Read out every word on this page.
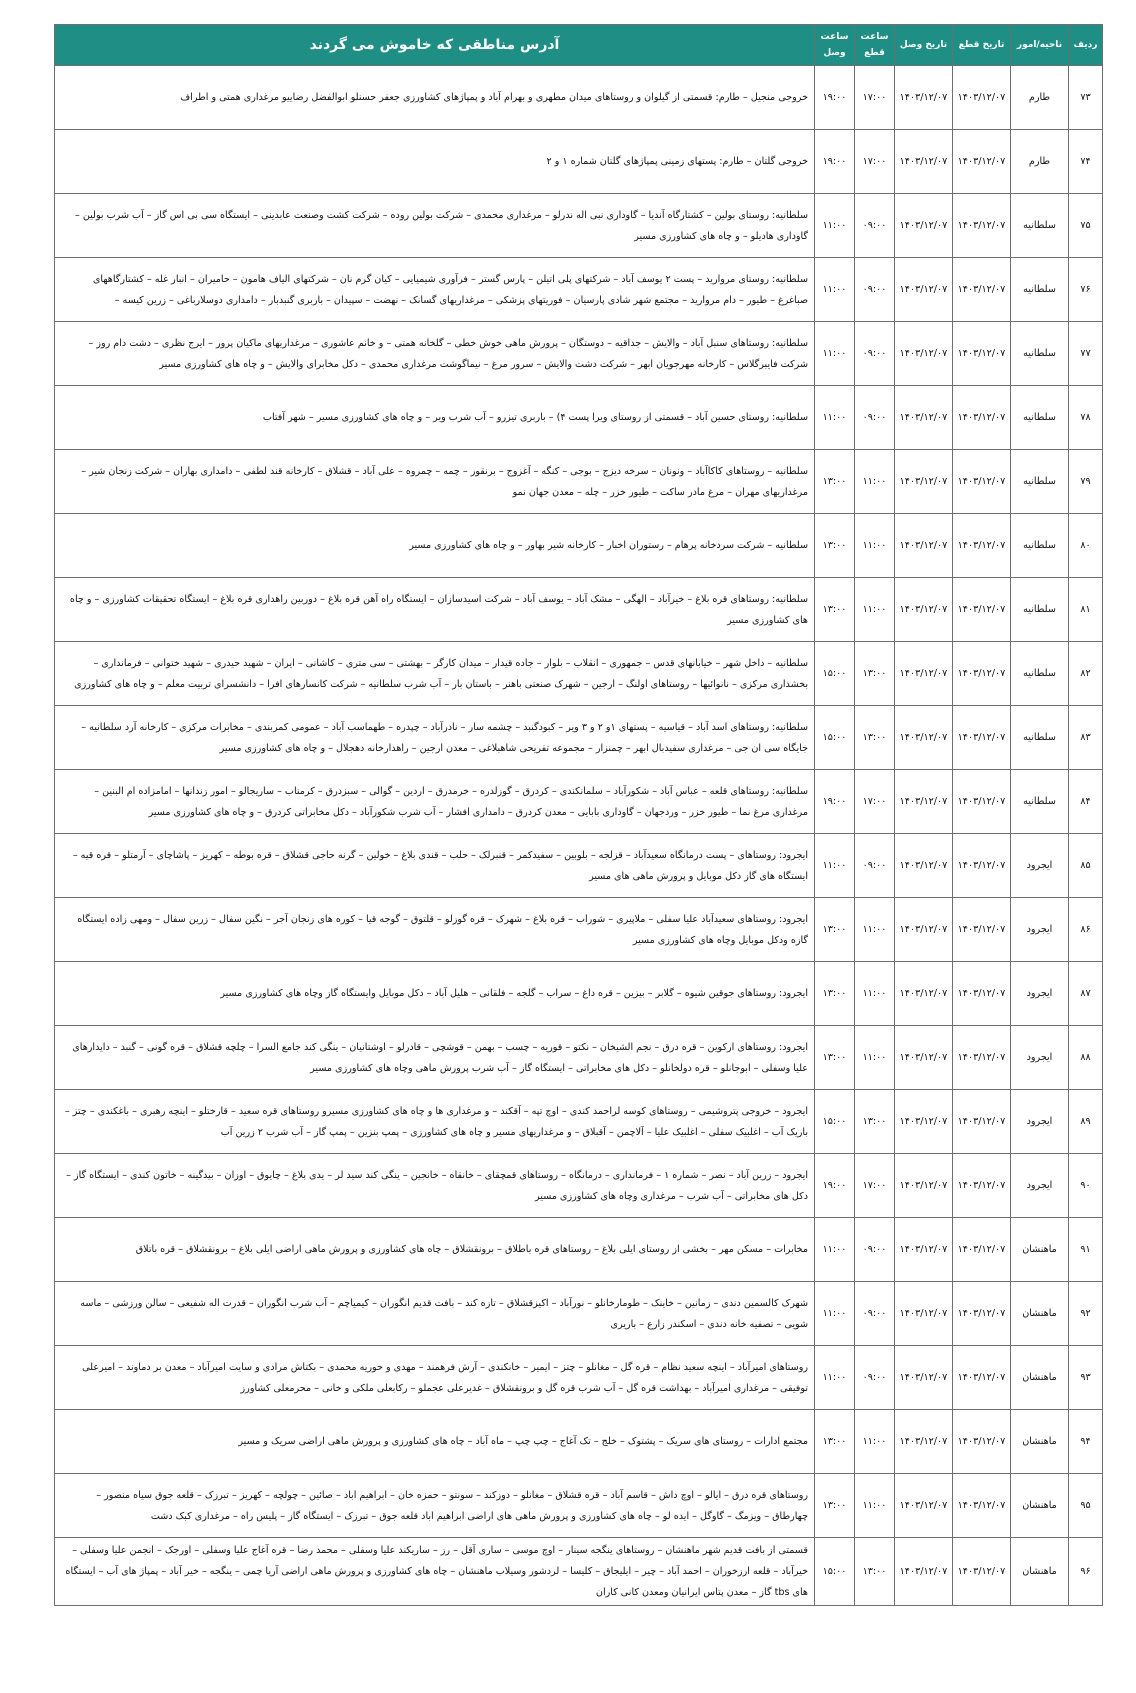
ردیف	ناحیه/امور	تاریخ قطع	تاریخ وصل	ساعت قطع	ساعت وصل	آدرس مناطقی که خاموش می گردند
۷۳	طارم	۱۴۰۳/۱۲/۰۷	۱۴۰۳/۱۲/۰۷	۱۷:۰۰	۱۹:۰۰	خروجی منجیل – طارم: قسمتی از گیلوان و روستاهای میدان مطهری و بهرام آباد و پمپاژهای کشاورزی جعفر حسنلو ابوالفضل رضاییو مرغداری همتی و اطراف
۷۴	طارم	۱۴۰۳/۱۲/۰۷	۱۴۰۳/۱۲/۰۷	۱۷:۰۰	۱۹:۰۰	خروجی گلتان – طارم: پستهای زمینی پمپاژهای گلتان شماره ۱ و ۲
۷۵	سلطانیه	۱۴۰۳/۱۲/۰۷	۱۴۰۳/۱۲/۰۷	۰۹:۰۰	۱۱:۰۰	سلطانیه: روستای بولین – کشتارگاه آندیا – گاوداری نبی اله ندرلو – مرغداری محمدی – شرکت بولین روده – شرکت کشت وصنعت عابدینی – ایستگاه سی بی اس گاز – آب شرب بولین – گاوداری هادیلو – و چاه های کشاورزی مسیر
۷۶	سلطانیه	۱۴۰۳/۱۲/۰۷	۱۴۰۳/۱۲/۰۷	۰۹:۰۰	۱۱:۰۰	سلطانیه: روستای مروارید – پست ۲ یوسف آباد – شرکتهای پلی اتیلن – پارس گستر – فرآوری شیمیایی – کیان گرم نان – شرکتهای الیاف هامون – حامیران – انبار غله – کشتارگاههای صباغرغ – طیور – دام مروارید – مجتمع شهر شادی پارسیان – فوریتهای پزشکی – مرغداریهای گسانک – نهضت – سپیدان – باربری گنبدبار – دامداری دوسلارباغی – زرین کیسه –
۷۷	سلطانیه	۱۴۰۳/۱۲/۰۷	۱۴۰۳/۱۲/۰۷	۰۹:۰۰	۱۱:۰۰	سلطانیه: روستاهای سنبل آباد – والایش – جداقیه – دوستگان – پرورش ماهی خوش خطی – گلخانه همتی – و خانم عاشوری – مرغداریهای ماکیان پرور – ایرج نظری – دشت دام روز – شرکت فایبرگلاس – کارخانه مهرجویان ابهر – شرکت دشت والایش – سرور مرغ – نیماگوشت مرغداری محمدی – دکل مخابرای والایش – و چاه های کشاورزی مسیر
۷۸	سلطانیه	۱۴۰۳/۱۲/۰۷	۱۴۰۳/۱۲/۰۷	۰۹:۰۰	۱۱:۰۰	سلطانیه: روستای حسین آباد – قسمتی از روستای ویرا پست ۴) – باربری تیزرو – آب شرب ویر – و چاه های کشاورزی مسیر – شهر آفتاب
۷۹	سلطانیه	۱۴۰۳/۱۲/۰۷	۱۴۰۳/۱۲/۰۷	۱۱:۰۰	۱۳:۰۰	سلطانیه – روستاهای کاکاآباد – ونونان – سرخه دیزج – بوجی – کنگه – آغزوج – برنقور – چمه – چمروه – علی آباد – قشلاق – کارخانه قند لطفی – دامداری بهاران – شرکت زنجان شیر – مرغداریهای مهران – مرغ مادر ساکت – طیور خزر – چله – معدن جهان نمو
۸۰	سلطانیه	۱۴۰۳/۱۲/۰۷	۱۴۰۳/۱۲/۰۷	۱۱:۰۰	۱۳:۰۰	سلطانیه – شرکت سردخانه پرهام – رستوران اخبار – کارخانه شیر بهاور – و چاه های کشاورزی مسیر
۸۱	سلطانیه	۱۴۰۳/۱۲/۰۷	۱۴۰۳/۱۲/۰۷	۱۱:۰۰	۱۳:۰۰	سلطانیه: روستاهای قره بلاغ – خیرآباد – الهگی – مشک آباد – یوسف آباد – شرکت اسیدسازان – ایستگاه راه آهن قره بلاغ – دوربین راهداری قره بلاغ – ایستگاه تحقیقات کشاورزی – و چاه های کشاورزی مسیر
۸۲	سلطانیه	۱۴۰۳/۱۲/۰۷	۱۴۰۳/۱۲/۰۷	۱۳:۰۰	۱۵:۰۰	سلطانیه – داخل شهر – خیابانهای قدس – جمهوری – انقلاب – بلوار – جاده قیدار – میدان کارگر – بهشتی – سی متری – کاشانی – ایران – شهید حیدری – شهید ختوانی – فرمانداری – بخشداری مرکزی – نانوائیها – روستاهای اولنگ – ارجین – شهرک صنعتی باهنر – باستان بار – آب شرب سلطانیه – شرکت کانسارهای افرا – دانشسرای تربیت معلم – و چاه های کشاورزی
۸۳	سلطانیه	۱۴۰۳/۱۲/۰۷	۱۴۰۳/۱۲/۰۷	۱۳:۰۰	۱۵:۰۰	سلطانیه: روستاهای اسد آباد – قیاسیه – پستهای ۱و ۲ و ۳ ویر – کبودگنبد – چشمه سار – نادرآباد – چپدره – طهماسب آباد – عمومی کمربندی – مخابرات مرکزی – کارخانه آرد سلطانیه – جایگاه سی ان جی – مرغداری سفیدبال ابهر – چمنزار – مجموعه تفریحی شاهبلاغی – معدن ارجین – راهدارخانه دهجلال – و چاه های کشاورزی مسیر
۸۴	سلطانیه	۱۴۰۳/۱۲/۰۷	۱۴۰۳/۱۲/۰۷	۱۷:۰۰	۱۹:۰۰	سلطانیه: روستاهای قلعه – عباس آباد – شکورآباد – سلمانکندی – کردرق – گوزلدره – خرمدرق – اردین – گوالی – سبزدرق – کرمناب – ساریجالو – امور زندانها – امامزاده ام البنین – مرغداری مرغ نما – طیور خزر – وردجهان – گاوداری بابایی – معدن کردرق – دامداری افشار – آب شرب شکورآباد – دکل مخابراتی کردرق – و چاه های کشاورزی مسیر
۸۵	ایجرود	۱۴۰۳/۱۲/۰۷	۱۴۰۳/۱۲/۰۷	۰۹:۰۰	۱۱:۰۰	ایجرود: روستاهای – پست درمانگاه سعیدآباد – قزلجه – بلوبین – سفیدکمر – قنبرلک – حلب – قندی بلاغ – خولین – گرنه حاجی قشلاق – قره بوطه – کهریز – پاشاچای – آرمتلو – قره قیه – ایستگاه های گاز دکل موبایل و پرورش ماهی های مسیر
۸۶	ایجرود	۱۴۰۳/۱۲/۰۷	۱۴۰۳/۱۲/۰۷	۱۱:۰۰	۱۳:۰۰	ایجرود: روستاهای سعیدآباد علیا سفلی – ملاپیری – شوراب – قره بلاغ – شهرک – قره گوزلو – قلتوق – گوجه قیا – کوره های زنجان آجر – نگین سفال – زرین سفال – ومهی زاده ایستگاه گازه ودکل موبایل وچاه های کشاورزی مسیر
۸۷	ایجرود	۱۴۰۳/۱۲/۰۷	۱۴۰۳/۱۲/۰۷	۱۱:۰۰	۱۳:۰۰	ایجرود: روستاهای جوقین شیوه – گلابر – بیزین – قره داغ – سراب – گلجه – فلقانی – هلیل آباد – دکل موبایل وایستگاه گاز وچاه های کشاورزی مسیر
۸۸	ایجرود	۱۴۰۳/۱۲/۰۷	۱۴۰۳/۱۲/۰۷	۱۱:۰۰	۱۳:۰۰	ایجرود: روستاهای ارکوین – قره درق – نجم الشیخان – نکتو – قوریه – چسب – بهمن – قوشچی – قادرلو – اوشتانیان – ینگی کند جامع السرا – چلچه قشلاق – قره گونی – گنبد – دایدارهای علیا وسفلی – ابوجانلو – قره دولخانلو – دکل های مخابراتی – ایستگاه گاز – آب شرب پرورش ماهی وچاه های کشاورزی مسیر
۸۹	ایجرود	۱۴۰۳/۱۲/۰۷	۱۴۰۳/۱۲/۰۷	۱۳:۰۰	۱۵:۰۰	ایجرود – خروجی پتروشیمی – روستاهای کوسه لراحمد کندی – اوچ تپه – آقکند – و مرغداری ها و چاه های کشاورزی مسیرو روستاهای قره سعید – قارختلو – اینچه رهبری – باغکندی – چتز – باریک آب – اغلبیک سفلی – اغلبیک علیا – آلاچمن – آقبلاق – و مرغداریهای مسیر و چاه های کشاورزی – پمپ بنزین – پمپ گاز – آب شرب ۲ زرین آب
۹۰	ایجرود	۱۴۰۳/۱۲/۰۷	۱۴۰۳/۱۲/۰۷	۱۷:۰۰	۱۹:۰۰	ایجرود – زرین آباد – نصر – شماره ۱ – فرمانداری – درمانگاه – روستاهای قمچقای – خانقاه – خانجین – ینگی کند سید لر – یدی بلاغ – چایوق – اوزان – بیدگینه – خاتون کندی – ایستگاه گاز – دکل های مخابراتی – آب شرب – مرغداری وچاه های کشاورزی مسیر
۹۱	ماهنشان	۱۴۰۳/۱۲/۰۷	۱۴۰۳/۱۲/۰۷	۰۹:۰۰	۱۱:۰۰	مخابرات – مسکن مهر – بخشی از روستای ایلی بلاغ – روستاهای قره باطلاق – برونقشلاق – چاه های کشاورزی و پرورش ماهی اراضی ایلی بلاغ – برونقشلاق – قره باتلاق
۹۲	ماهنشان	۱۴۰۳/۱۲/۰۷	۱۴۰۳/۱۲/۰۷	۰۹:۰۰	۱۱:۰۰	شهرک کالسمین دندی – زمانین – خاینک – طومارخانلو – نورآباد – اکیزقشلاق – تازه کند – بافت قدیم انگوران – کیمیاچم – آب شرب انگوران – قدرت اله شفیعی – سالن ورزشی – ماسه شویی – تصفیه خانه دندی – اسکندر زارع – باریری
۹۳	ماهنشان	۱۴۰۳/۱۲/۰۷	۱۴۰۳/۱۲/۰۷	۰۹:۰۰	۱۱:۰۰	روستاهای امیرآباد – اینچه سعید نظام – قره گل – مغانلو – چتز – ایمیر – خانکندی – آرش فرهمند – مهدی و حوریه محمدی – بکتاش مرادی و سایت امیرآباد – معدن بر دماوند – امیرعلی توفیقی – مرغداری امیرآباد – بهداشت قره گل – آب شرب قره گل و برونقشلاق – غدیرعلی عجملو – رکابعلی ملکی و خانی – محرمعلی کشاورز
۹۴	ماهنشان	۱۴۰۳/۱۲/۰۷	۱۴۰۳/۱۲/۰۷	۱۱:۰۰	۱۳:۰۰	مجتمع ادارات – روستای های سریک – پشتوک – خلج – تک آغاج – چپ چپ – ماه آباد – چاه های کشاورزی و پرورش ماهی اراضی سریک و مسیر
۹۵	ماهنشان	۱۴۰۳/۱۲/۰۷	۱۴۰۳/۱۲/۰۷	۱۱:۰۰	۱۳:۰۰	روستاهای قره درق – ایالو – اوچ داش – قاسم آباد – قره قشلاق – مغانلو – دوزکند – سونتو – حمزه خان – ابراهیم اباد – صائین – چولچه – کهریز – تبرزک – قلعه جوق سیاه منصور – چهارطاق – ویزمگ – گاوگل – ایده لو – چاه های کشاورزی و پرورش ماهی های اراضی ابراهیم اباد قلعه جوق – تبرزک – ایستگاه گاز – پلیس راه – مرغداری کبک دشت
۹۶	ماهنشان	۱۴۰۳/۱۲/۰۷	۱۴۰۳/۱۲/۰۷	۱۳:۰۰	۱۵:۰۰	قسمتی از بافت قدیم شهر ماهنشان – روستاهای ینگجه سینار – اوچ موسی – ساری آقل – رز – ساریکند علیا وسفلی – محمد رضا – قره آغاج علیا وسفلی – اورجک – انجمن علیا وسفلی – خیرآباد – قلعه ارزخوران – احمد آباد – چیر – ایلیجاق – کلیسا – لردشور وسیلاب ماهنشان – چاه های کشاورزی و پرورش ماهی اراضی آریا چمی – ینگجه – خیر آباد – پمپاژ های آب – ایستگاه های tbs گاز – معدن پتاس ایرانیان ومعدن کانی کاران
